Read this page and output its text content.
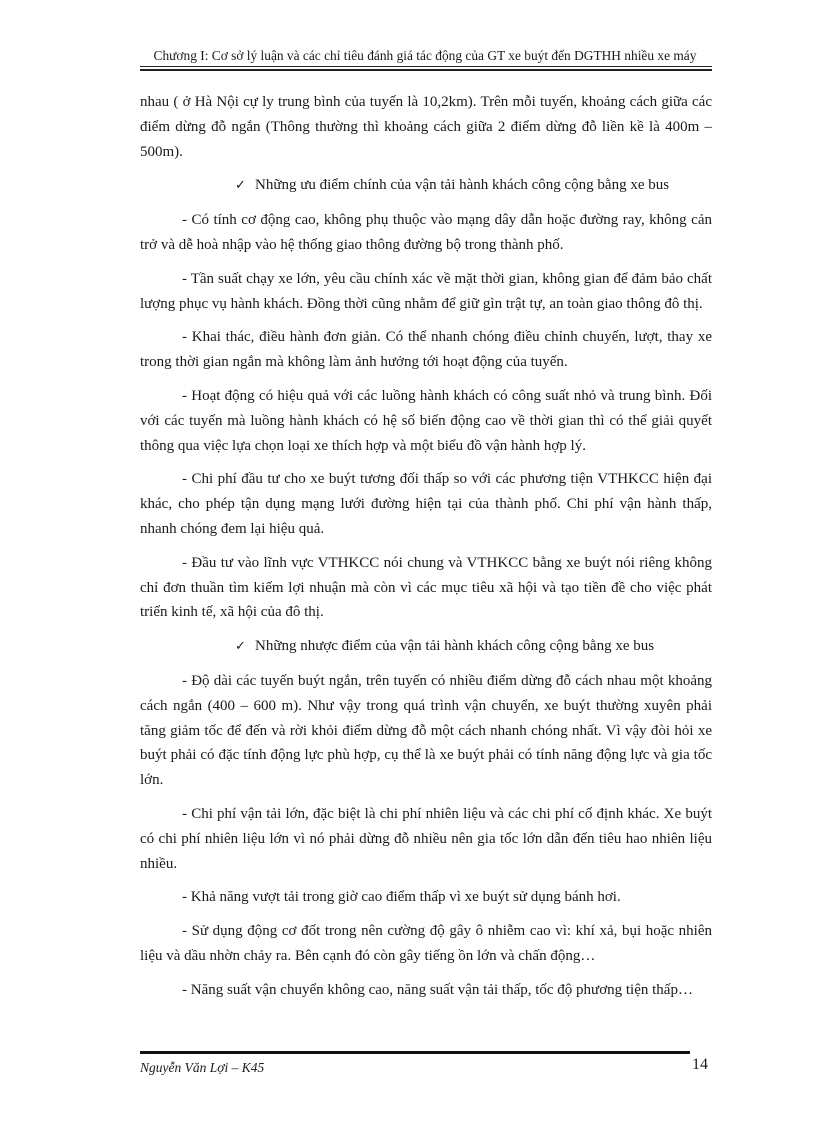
Chương I: Cơ sở lý luận và các chỉ tiêu đánh giá tác động của GT xe buýt đến DGTHH nhiều xe máy

nhau ( ở Hà Nội cự ly trung bình của tuyến là 10,2km). Trên mỗi tuyến, khoảng cách giữa các điểm dừng đỗ ngắn (Thông thường thì khoảng cách giữa 2 điểm dừng đỗ liền kề là 400m – 500m).

✓ Những ưu điểm chính của vận tải hành khách công cộng bằng xe bus

- Có tính cơ động cao, không phụ thuộc vào mạng dây dẫn hoặc đường ray, không cản trở và dễ hoà nhập vào hệ thống giao thông đường bộ trong thành phố.

- Tần suất chạy xe lớn, yêu cầu chính xác về mặt thời gian, không gian để đảm bảo chất lượng phục vụ hành khách. Đồng thời cũng nhằm để giữ gìn trật tự, an toàn giao thông đô thị.

- Khai thác, điều hành đơn giản. Có thể nhanh chóng điều chỉnh chuyến, lượt, thay xe trong thời gian ngắn mà không làm ảnh hưởng tới hoạt động của tuyến.

- Hoạt động có hiệu quả với các luồng hành khách có công suất nhỏ và trung bình. Đối với các tuyến mà luồng hành khách có hệ số biến động cao về thời gian thì có thể giải quyết thông qua việc lựa chọn loại xe thích hợp và một biểu đồ vận hành hợp lý.

- Chi phí đầu tư cho xe buýt tương đối thấp so với các phương tiện VTHKCC hiện đại khác, cho phép tận dụng mạng lưới đường hiện tại của thành phố. Chi phí vận hành thấp, nhanh chóng đem lại hiệu quả.

- Đầu tư vào lĩnh vực VTHKCC nói chung và VTHKCC bằng xe buýt nói riêng không chỉ đơn thuần tìm kiếm lợi nhuận mà còn vì các mục tiêu xã hội và tạo tiền đề cho việc phát triển kinh tế, xã hội của đô thị.

✓ Những nhược điểm của vận tải hành khách công cộng bằng xe bus

- Độ dài các tuyến buýt ngắn, trên tuyến có nhiều điểm dừng đỗ cách nhau một khoảng cách ngắn (400 – 600 m). Như vậy trong quá trình vận chuyển, xe buýt thường xuyên phải tăng giảm tốc để đến và rời khỏi điểm dừng đỗ một cách nhanh chóng nhất. Vì vậy đòi hỏi xe buýt phải có đặc tính động lực phù hợp, cụ thể là xe buýt phải có tính năng động lực và gia tốc lớn.

- Chi phí vận tải lớn, đặc biệt là chi phí nhiên liệu và các chi phí cố định khác. Xe buýt có chi phí nhiên liệu lớn vì nó phải dừng đỗ nhiều nên gia tốc lớn dẫn đến tiêu hao nhiên liệu nhiều.

- Khả năng vượt tải trong giờ cao điểm thấp vì xe buýt sử dụng bánh hơi.

- Sử dụng động cơ đốt trong nên cường độ gây ô nhiễm cao vì: khí xả, bụi hoặc nhiên liệu và dầu nhờn chảy ra. Bên cạnh đó còn gây tiếng ồn lớn và chấn động…

- Năng suất vận chuyển không cao, năng suất vận tải thấp, tốc độ phương tiện thấp…

Nguyễn Văn Lợi – K45	14
